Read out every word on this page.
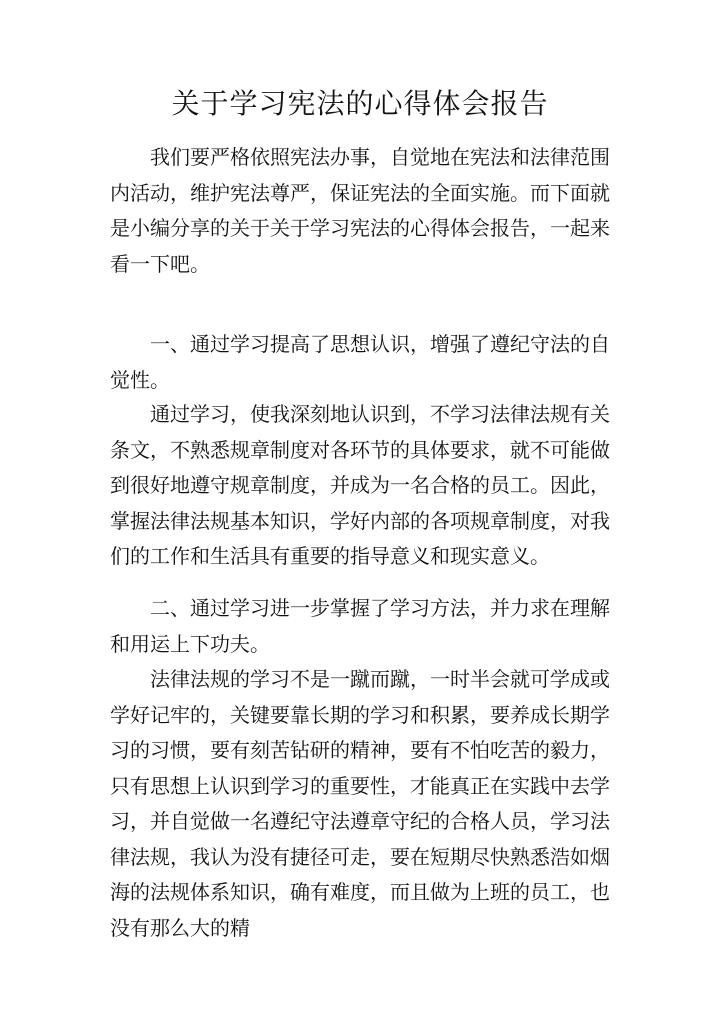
关于学习宪法的心得体会报告

我们要严格依照宪法办事，自觉地在宪法和法律范围内活动，维护宪法尊严，保证宪法的全面实施。而下面就是小编分享的关于关于学习宪法的心得体会报告，一起来看一下吧。

一、通过学习提高了思想认识，增强了遵纪守法的自觉性。

通过学习，使我深刻地认识到，不学习法律法规有关条文，不熟悉规章制度对各环节的具体要求，就不可能做到很好地遵守规章制度，并成为一名合格的员工。因此，掌握法律法规基本知识，学好内部的各项规章制度，对我们的工作和生活具有重要的指导意义和现实意义。

二、通过学习进一步掌握了学习方法，并力求在理解和用运上下功夫。

法律法规的学习不是一蹴而蹴，一时半会就可学成或学好记牢的，关键要靠长期的学习和积累，要养成长期学习的习惯，要有刻苦钻研的精神，要有不怕吃苦的毅力，只有思想上认识到学习的重要性，才能真正在实践中去学习，并自觉做一名遵纪守法遵章守纪的合格人员，学习法律法规，我认为没有捷径可走，要在短期尽快熟悉浩如烟海的法规体系知识，确有难度，而且做为上班的员工，也没有那么大的精
